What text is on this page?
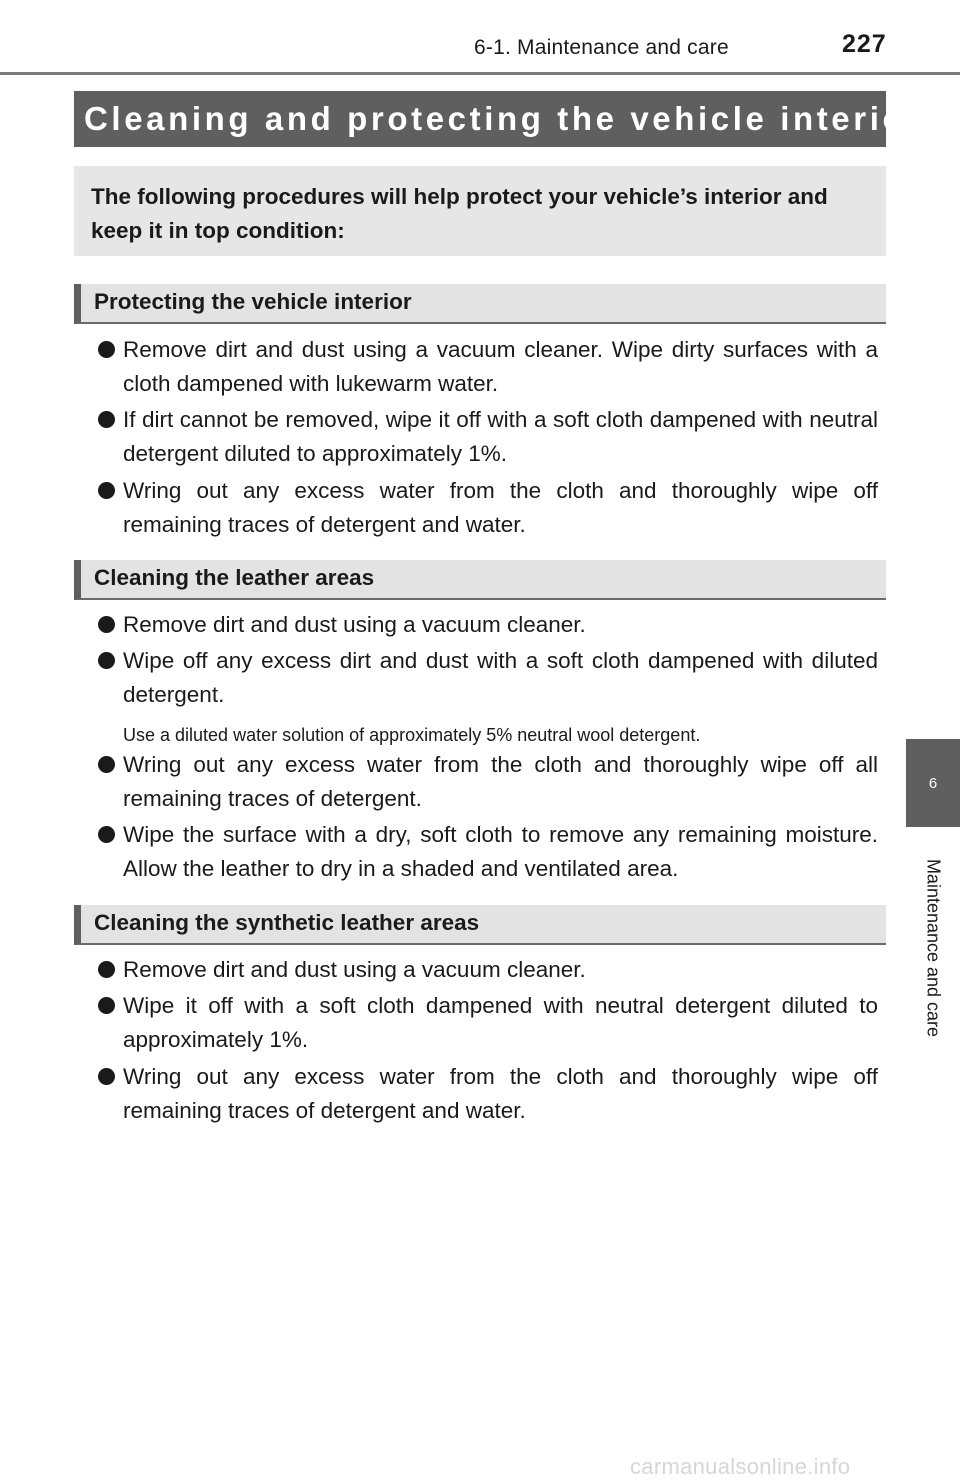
6-1. Maintenance and care	227
Cleaning and protecting the vehicle interior
The following procedures will help protect your vehicle’s interior and keep it in top condition:
Protecting the vehicle interior
Remove dirt and dust using a vacuum cleaner. Wipe dirty surfaces with a cloth dampened with lukewarm water.
If dirt cannot be removed, wipe it off with a soft cloth dampened with neutral detergent diluted to approximately 1%.
Wring out any excess water from the cloth and thoroughly wipe off remaining traces of detergent and water.
Cleaning the leather areas
Remove dirt and dust using a vacuum cleaner.
Wipe off any excess dirt and dust with a soft cloth dampened with diluted detergent.
Use a diluted water solution of approximately 5% neutral wool detergent.
Wring out any excess water from the cloth and thoroughly wipe off all remaining traces of detergent.
Wipe the surface with a dry, soft cloth to remove any remaining moisture. Allow the leather to dry in a shaded and ventilated area.
Cleaning the synthetic leather areas
Remove dirt and dust using a vacuum cleaner.
Wipe it off with a soft cloth dampened with neutral detergent diluted to approximately 1%.
Wring out any excess water from the cloth and thoroughly wipe off remaining traces of detergent and water.
6
Maintenance and care
carmanualsonline.info
